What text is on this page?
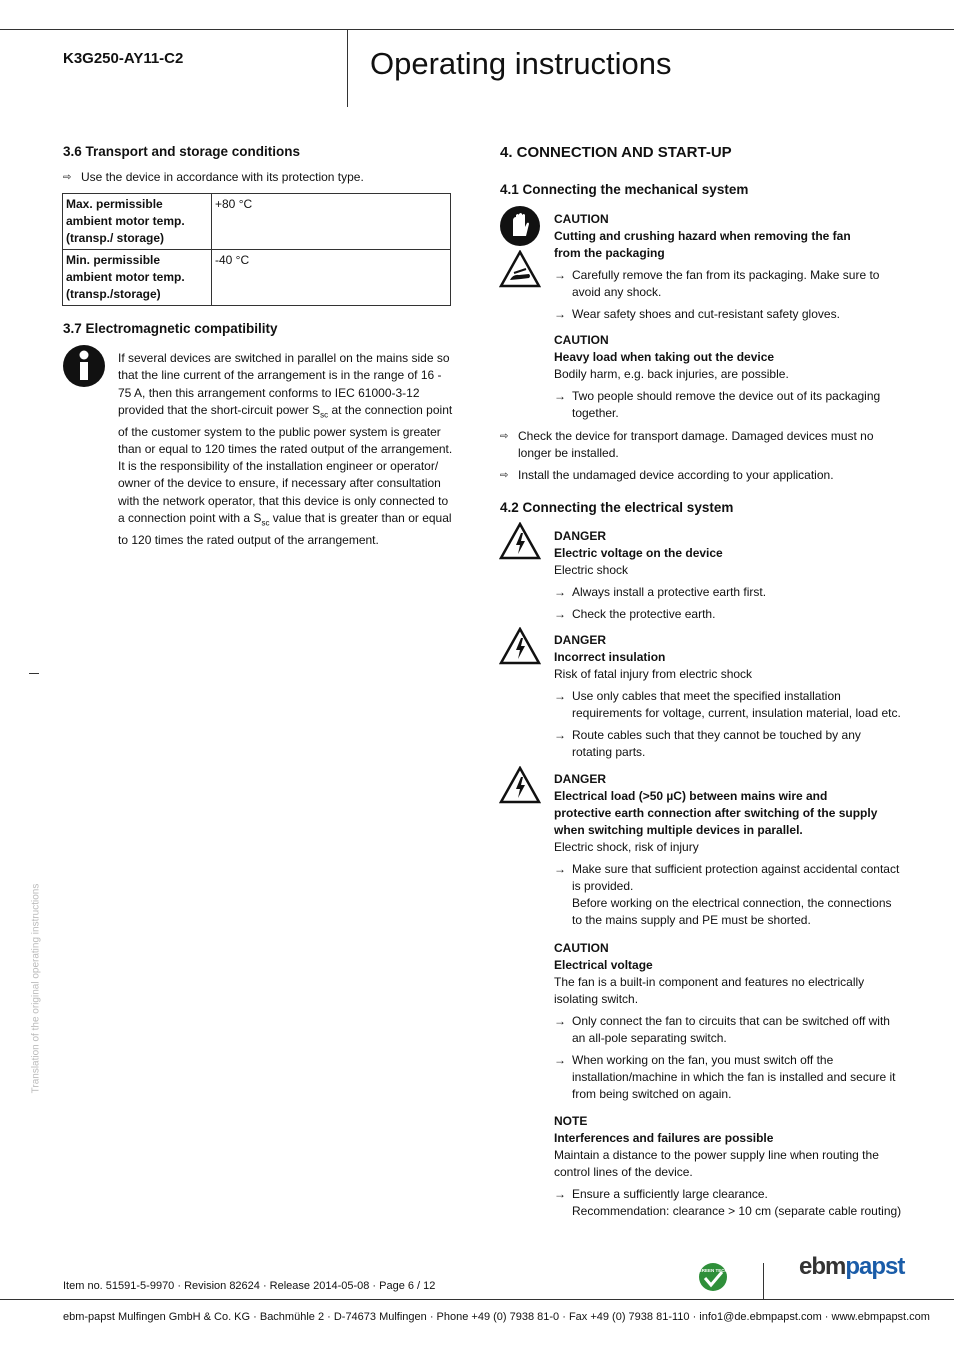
K3G250-AY11-C2	Operating instructions
Translation of the original operating instructions
3.6 Transport and storage conditions
⇨ Use the device in accordance with its protection type.
Max. permissible ambient motor temp. (transp./ storage)	+80 °C
Min. permissible ambient motor temp. (transp./storage)	-40 °C
3.7 Electromagnetic compatibility
If several devices are switched in parallel on the mains side so that the line current of the arrangement is in the range of 16 - 75 A, then this arrangement conforms to IEC 61000-3-12 provided that the short-circuit power $S_{sc}$ at the connection point of the customer system to the public power system is greater than or equal to 120 times the rated output of the arrangement.
It is the responsibility of the installation engineer or operator/ owner of the device to ensure, if necessary after consultation with the network operator, that this device is only connected to a connection point with a $S_{sc}$ value that is greater than or equal to 120 times the rated output of the arrangement.
4. CONNECTION AND START-UP
4.1 Connecting the mechanical system
CAUTION
Cutting and crushing hazard when removing the fan from the packaging
→ Carefully remove the fan from its packaging. Make sure to avoid any shock.
→ Wear safety shoes and cut-resistant safety gloves.
CAUTION
Heavy load when taking out the device
Bodily harm, e.g. back injuries, are possible.
→ Two people should remove the device out of its packaging together.
⇨ Check the device for transport damage. Damaged devices must no longer be installed.
⇨ Install the undamaged device according to your application.
4.2 Connecting the electrical system
DANGER
Electric voltage on the device
Electric shock
→ Always install a protective earth first.
→ Check the protective earth.
DANGER
Incorrect insulation
Risk of fatal injury from electric shock
→ Use only cables that meet the specified installation requirements for voltage, current, insulation material, load etc.
→ Route cables such that they cannot be touched by any rotating parts.
DANGER
Electrical load (>50 µC) between mains wire and protective earth connection after switching of the supply when switching multiple devices in parallel.
Electric shock, risk of injury
→ Make sure that sufficient protection against accidental contact is provided.
Before working on the electrical connection, the connections to the mains supply and PE must be shorted.
CAUTION
Electrical voltage
The fan is a built-in component and features no electrically isolating switch.
→ Only connect the fan to circuits that can be switched off with an all-pole separating switch.
→ When working on the fan, you must switch off the installation/machine in which the fan is installed and secure it from being switched on again.
NOTE
Interferences and failures are possible
Maintain a distance to the power supply line when routing the control lines of the device.
→ Ensure a sufficiently large clearance.
Recommendation: clearance > 10 cm (separate cable routing)
Item no. 51591-5-9970 · Revision 82624 · Release 2014-05-08 · Page 6 / 12
GREEN TECH	ebmpapst
ebm-papst Mulfingen GmbH & Co. KG · Bachmühle 2 · D-74673 Mulfingen · Phone +49 (0) 7938 81-0 · Fax +49 (0) 7938 81-110 · info1@de.ebmpapst.com · www.ebmpapst.com
